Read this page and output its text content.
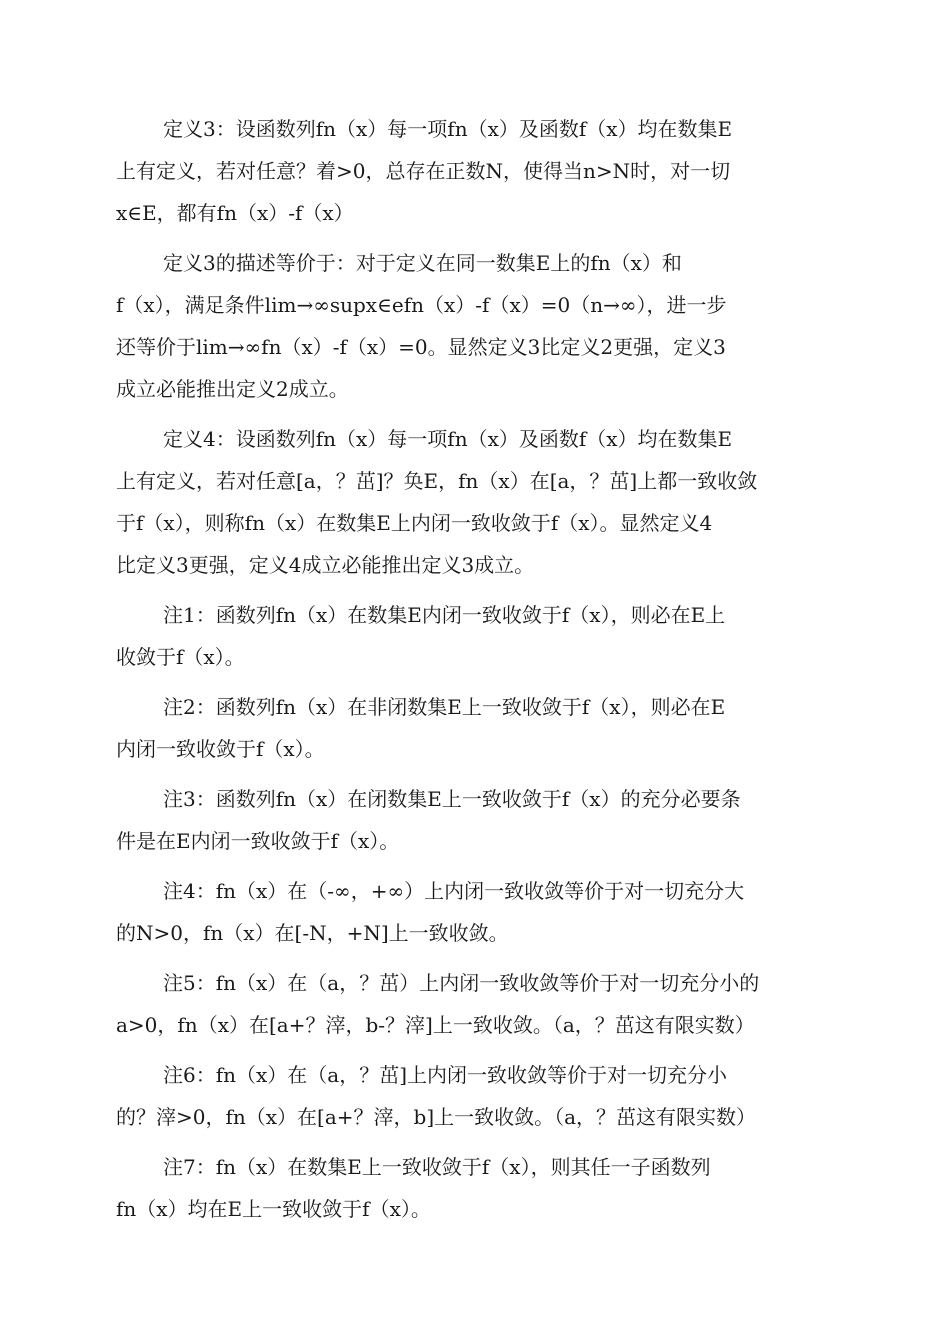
定义3：设函数列fn（x）每一项fn（x）及函数f（x）均在数集E
上有定义，若对任意？着>0，总存在正数N，使得当n>N时，对一切
x∈E，都有fn（x）-f（x）

定义3的描述等价于：对于定义在同一数集E上的fn（x）和
f（x），满足条件lim→∞supx∈efn（x）-f（x）=0（n→∞），进一步
还等价于lim→∞fn（x）-f（x）=0。显然定义3比定义2更强，定义3
成立必能推出定义2成立。

定义4：设函数列fn（x）每一项fn（x）及函数f（x）均在数集E
上有定义，若对任意[a，？茁]？奂E，fn（x）在[a，？茁]上都一致收敛
于f（x），则称fn（x）在数集E上内闭一致收敛于f（x）。显然定义4
比定义3更强，定义4成立必能推出定义3成立。

注1：函数列fn（x）在数集E内闭一致收敛于f（x），则必在E上
收敛于f（x）。

注2：函数列fn（x）在非闭数集E上一致收敛于f（x），则必在E
内闭一致收敛于f（x）。

注3：函数列fn（x）在闭数集E上一致收敛于f（x）的充分必要条
件是在E内闭一致收敛于f（x）。

注4：fn（x）在（-∞，+∞）上内闭一致收敛等价于对一切充分大
的N>0，fn（x）在[-N，+N]上一致收敛。

注5：fn（x）在（a，？茁）上内闭一致收敛等价于对一切充分小的
a>0，fn（x）在[a+？滓，b-？滓]上一致收敛。（a，？茁这有限实数）

注6：fn（x）在（a，？茁]上内闭一致收敛等价于对一切充分小
的？滓>0，fn（x）在[a+？滓，b]上一致收敛。（a，？茁这有限实数）

注7：fn（x）在数集E上一致收敛于f（x），则其任一子函数列
fn（x）均在E上一致收敛于f（x）。
